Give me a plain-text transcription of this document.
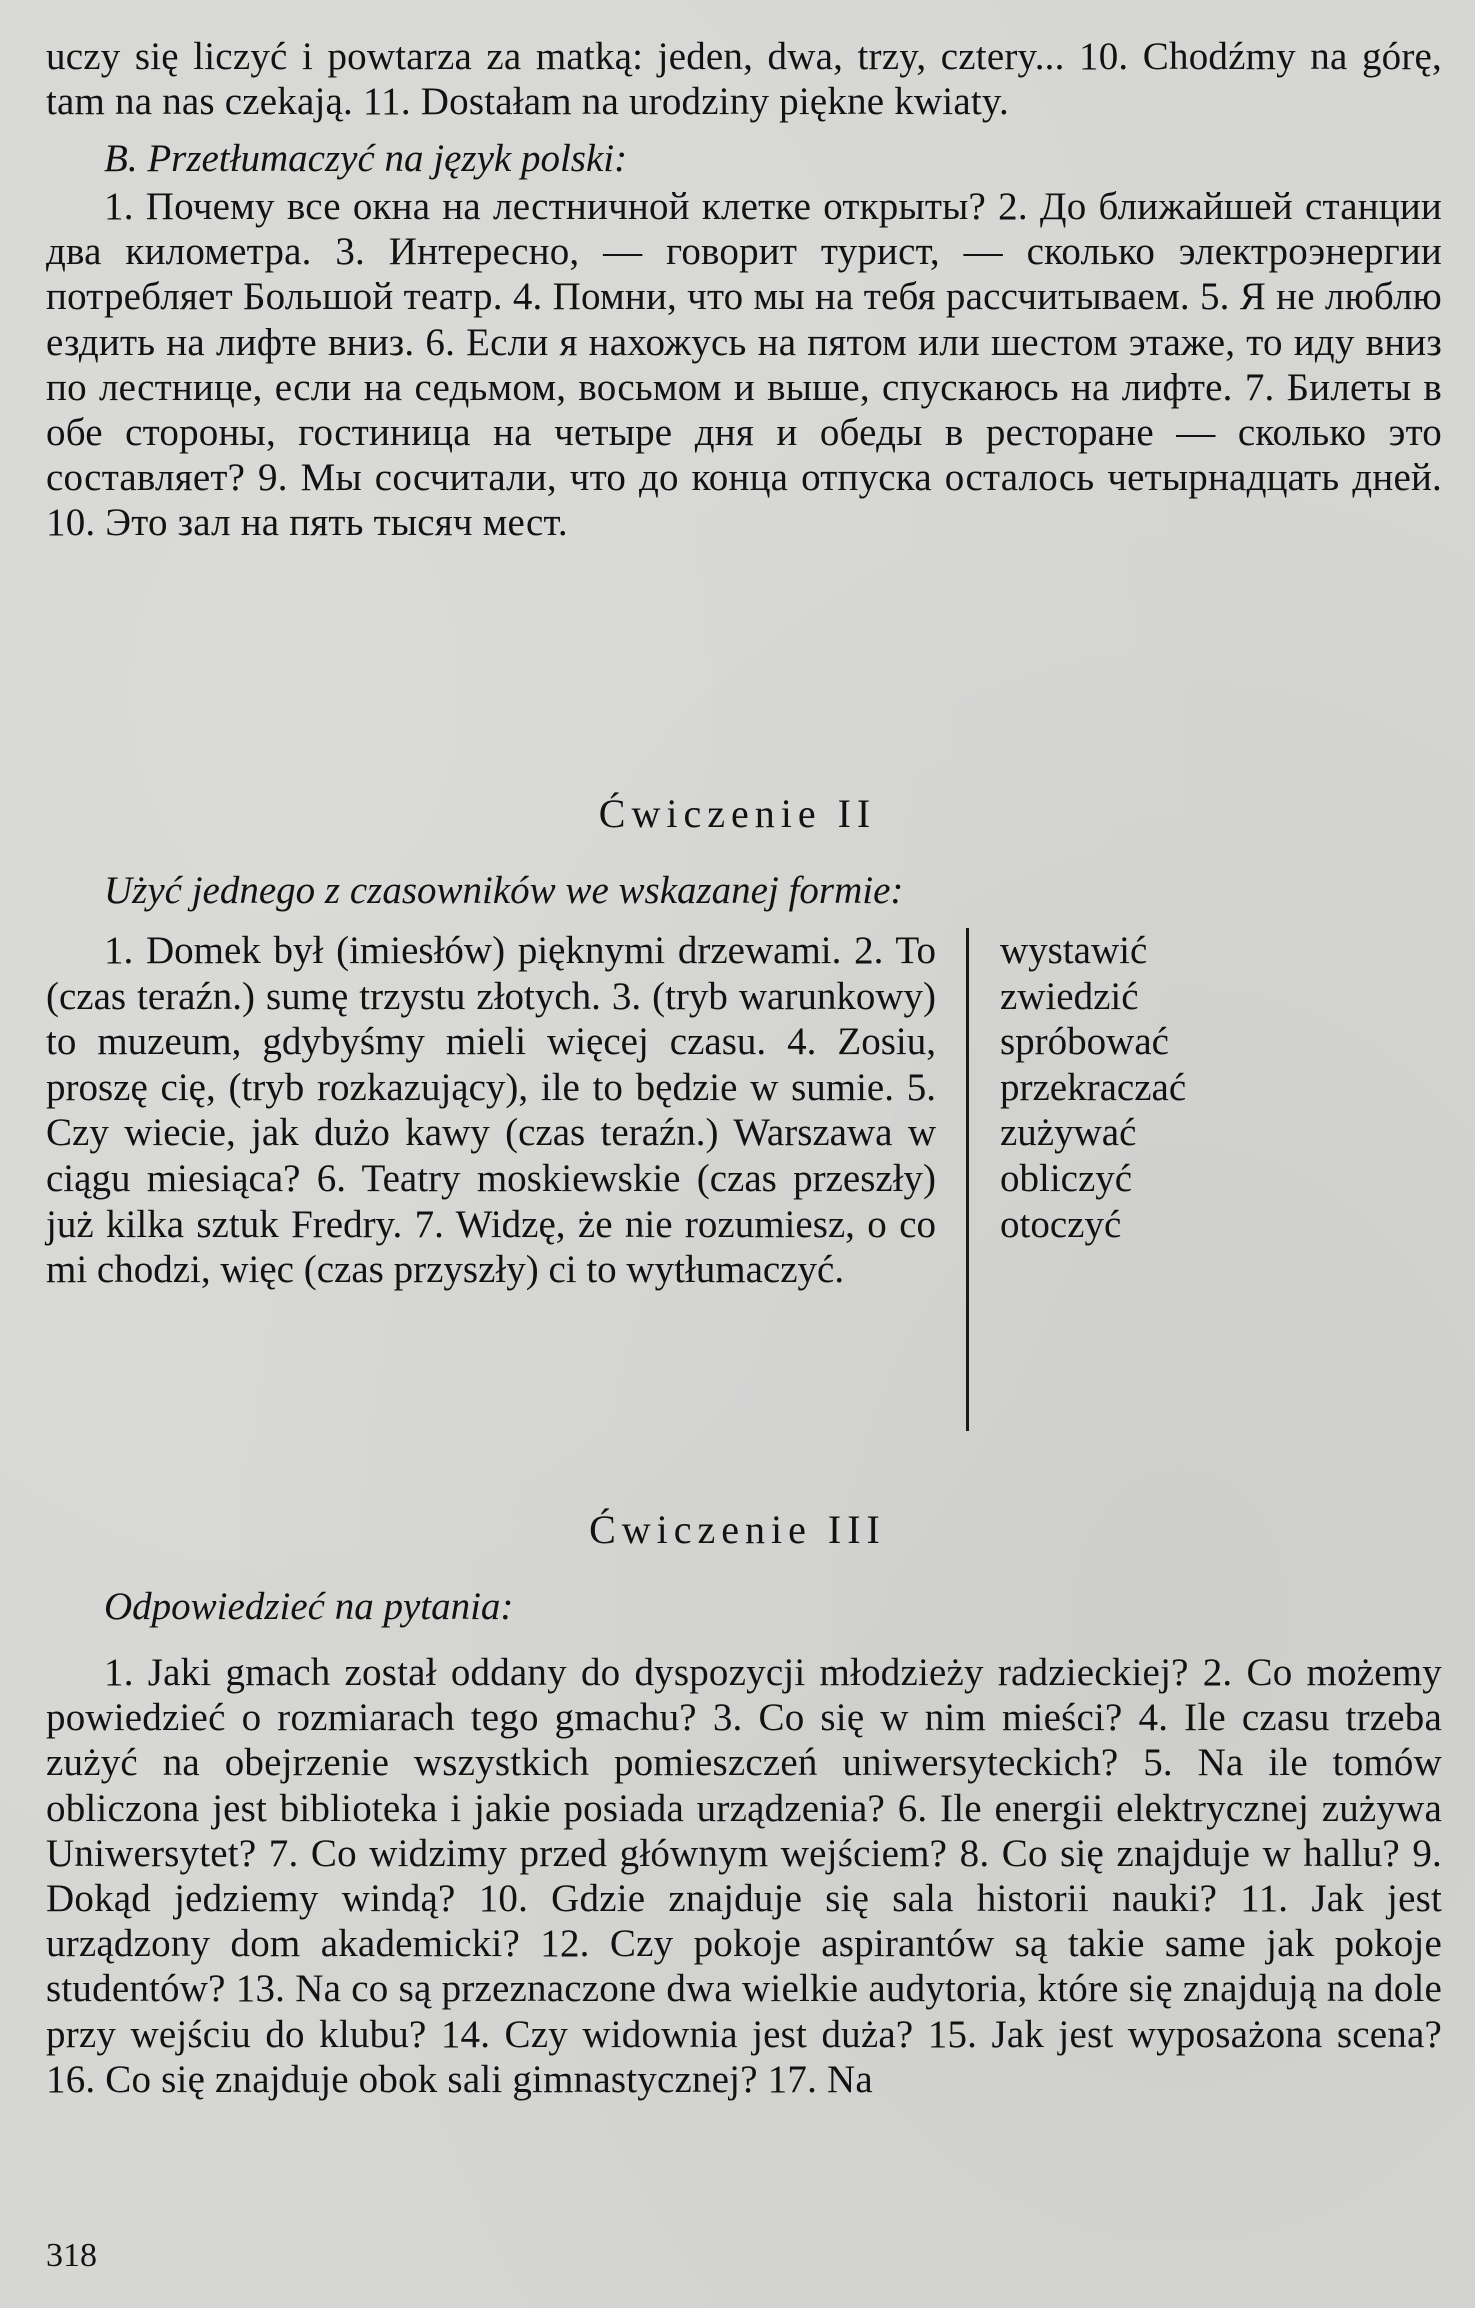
uczy się liczyć i powtarza za matką: jeden, dwa, trzy, cztery... 10. Chodźmy na górę, tam na nas czekają. 11. Dostałam na urodziny piękne kwiaty.

B. Przetłumaczyć na język polski:

1. Почему все окна на лестничной клетке открыты? 2. До ближайшей станции два километра. 3. Интересно, — говорит турист, — сколько электроэнергии потребляет Большой театр. 4. Помни, что мы на тебя рассчитываем. 5. Я не люблю ездить на лифте вниз. 6. Если я нахожусь на пятом или шестом этаже, то иду вниз по лестнице, если на седьмом, восьмом и выше, спускаюсь на лифте. 7. Билеты в обе стороны, гостиница на четыре дня и обеды в ресторане — сколько это составляет? 9. Мы сосчитали, что до конца отпуска осталось четырнадцать дней. 10. Это зал на пять тысяч мест.

Ćwiczenie II
Użyć jednego z czasowników we wskazanej formie:

1. Domek był (imiesłów) pięknymi drzewami. 2. To (czas teraźn.) sumę trzystu złotych. 3. (tryb warunkowy) to muzeum, gdybyśmy mieli więcej czasu. 4. Zosiu, proszę cię, (tryb rozkazujący), ile to będzie w sumie. 5. Czy wiecie, jak dużo kawy (czas teraźn.) Warszawa w ciągu miesiąca? 6. Teatry moskiewskie (czas przeszły) już kilka sztuk Fredry. 7. Widzę, że nie rozumiesz, o co mi chodzi, więc (czas przyszły) ci to wytłumaczyć.

wystawić
zwiedzić
spróbować
przekraczać
zużywać
obliczyć
otoczyć
Ćwiczenie III
Odpowiedzieć na pytania:

1. Jaki gmach został oddany do dyspozycji młodzieży radzieckiej? 2. Co możemy powiedzieć o rozmiarach tego gmachu? 3. Co się w nim mieści? 4. Ile czasu trzeba zużyć na obejrzenie wszystkich pomieszczeń uniwersyteckich? 5. Na ile tomów obliczona jest biblioteka i jakie posiada urządzenia? 6. Ile energii elektrycznej zużywa Uniwersytet? 7. Co widzimy przed głównym wejściem? 8. Co się znajduje w hallu? 9. Dokąd jedziemy windą? 10. Gdzie znajduje się sala historii nauki? 11. Jak jest urządzony dom akademicki? 12. Czy pokoje aspirantów są takie same jak pokoje studentów? 13. Na co są przeznaczone dwa wielkie audytoria, które się znajdują na dole przy wejściu do klubu? 14. Czy widownia jest duża? 15. Jak jest wyposażona scena? 16. Co się znajduje obok sali gimnastycznej? 17. Na

318
